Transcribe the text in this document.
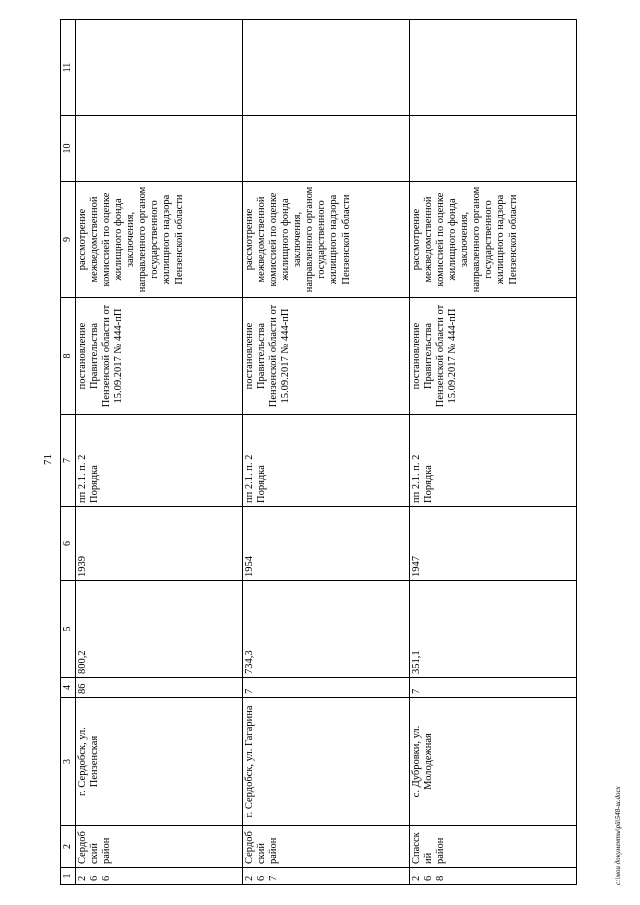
71
1	2	3	4	5	6	7	8	9	10	11
266	Сердобский район	г. Сердобск, ул. Пензенская	86	800,2	1939	пп 2.1. п. 2 Порядка	постановление Правительства Пензенской области от 15.09.2017 № 444-пП	рассмотрение межведомственной комиссией по оценке жилищного фонда заключения, направленного органом государственного жилищного надзора Пензенской области		
267	Сердобский район	г. Сердобск, ул. Гагарина	7	734,3	1954	пп 2.1. п. 2 Порядка	постановление Правительства Пензенской области от 15.09.2017 № 444-пП	рассмотрение межведомственной комиссией по оценке жилищного фонда заключения, направленного органом государственного жилищного надзора Пензенской области		
268	Спасский район	с. Дубровки, ул. Молодежная	7	351,1	1947	пп 2.1. п. 2 Порядка	постановление Правительства Пензенской области от 15.09.2017 № 444-пП	рассмотрение межведомственной комиссией по оценке жилищного фонда заключения, направленного органом государственного жилищного надзора Пензенской области		
c:\мои документы\рй\548-ш.docx
